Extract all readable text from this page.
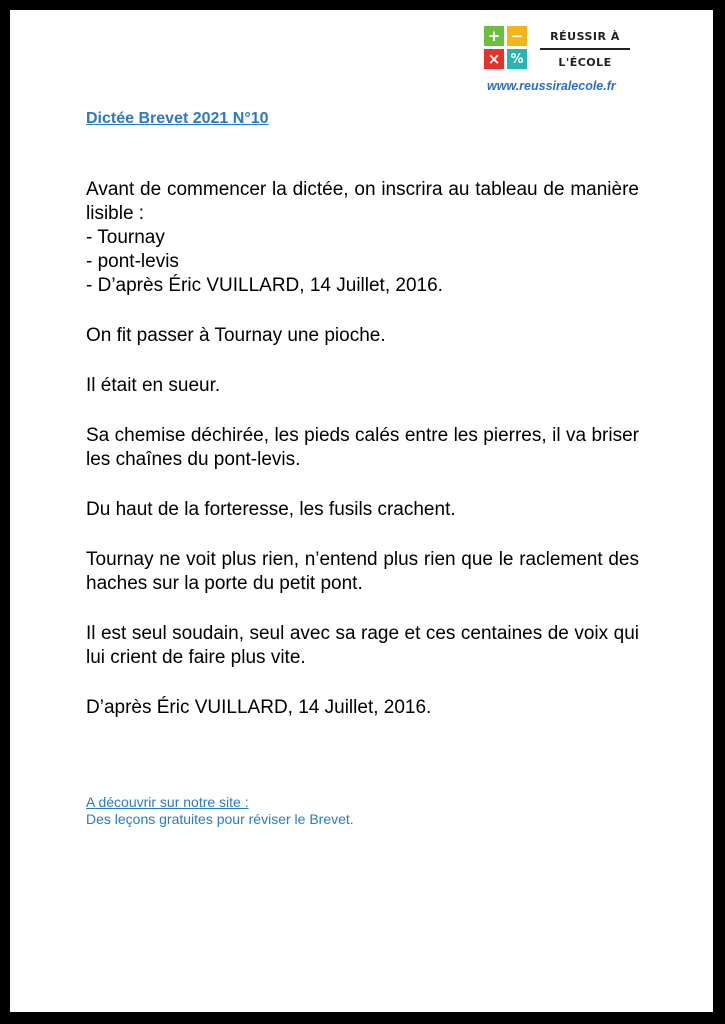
+ −
× %
RÉUSSIR À
L'ÉCOLE
www.reussiralecole.fr
Dictée Brevet 2021 N°10

Avant de commencer la dictée, on inscrira au tableau de manière lisible :

- Tournay
- pont-levis
- D’après Éric VUILLARD, 14 Juillet, 2016.

On fit passer à Tournay une pioche.

Il était en sueur.

Sa chemise déchirée, les pieds calés entre les pierres, il va briser les chaînes du pont-levis.

Du haut de la forteresse, les fusils crachent.

Tournay ne voit plus rien, n’entend plus rien que le raclement des haches sur la porte du petit pont.

Il est seul soudain, seul avec sa rage et ces centaines de voix qui lui crient de faire plus vite.

D’après Éric VUILLARD, 14 Juillet, 2016.

A découvrir sur notre site :
Des leçons gratuites pour réviser le Brevet.
